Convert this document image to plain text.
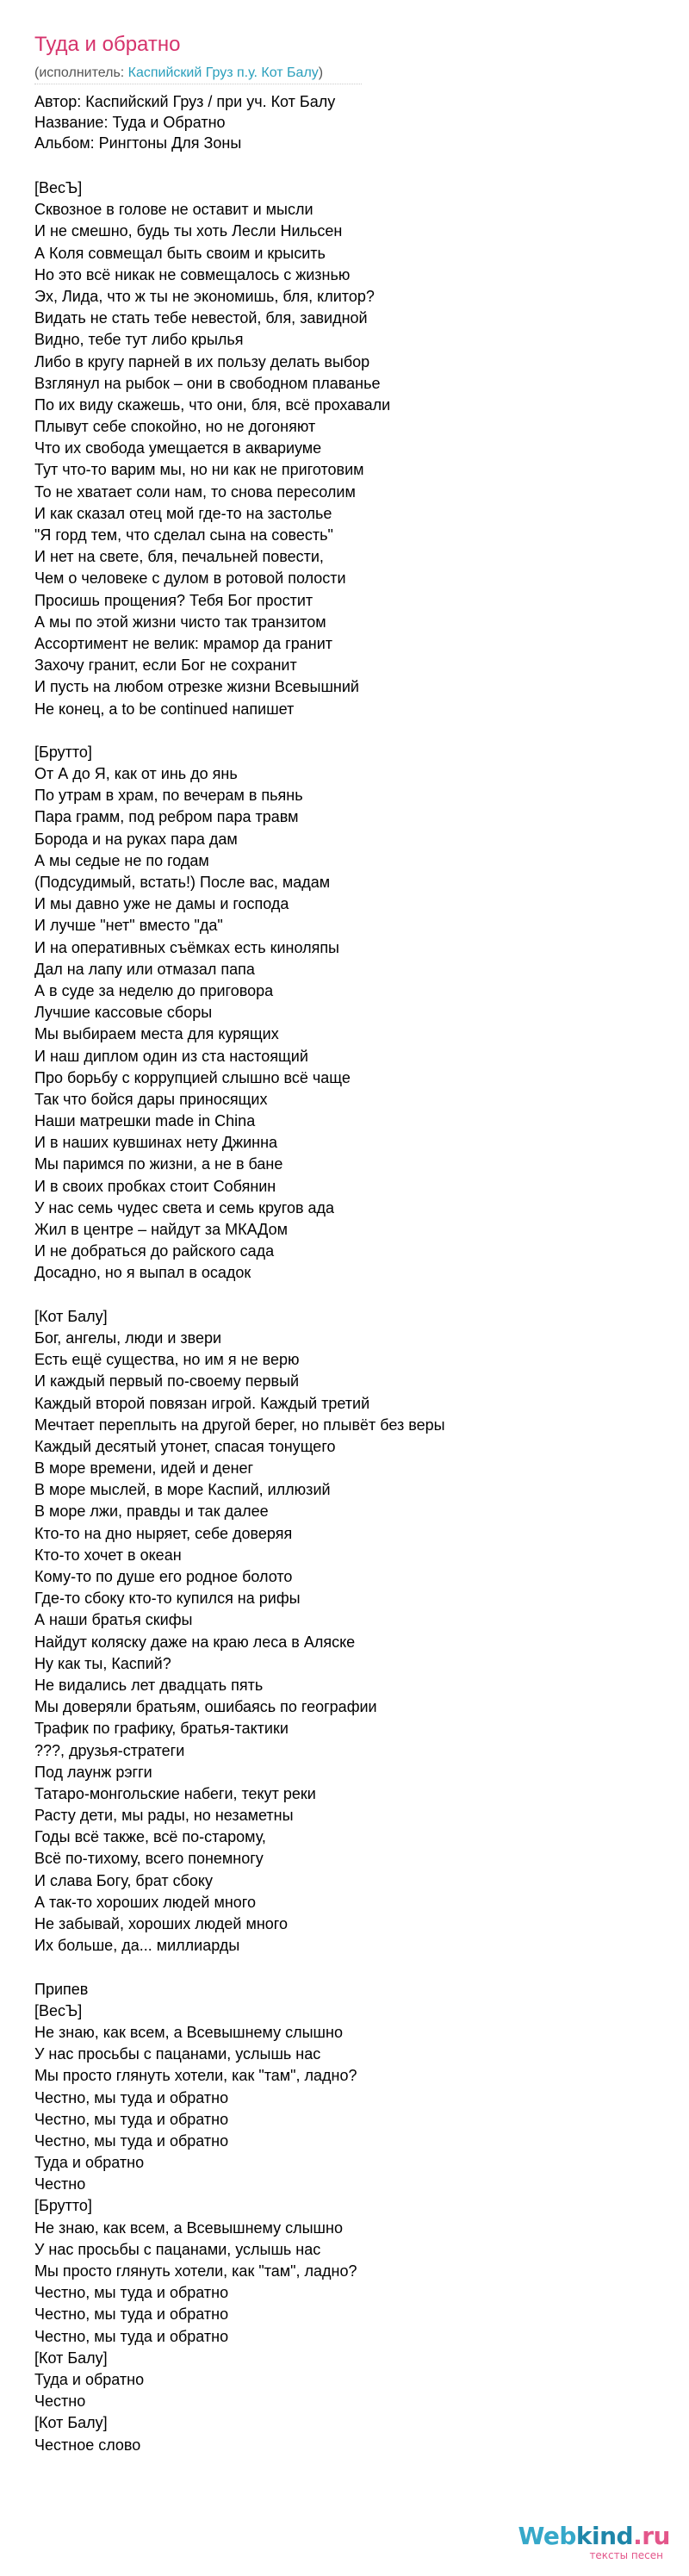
Туда и обратно
(исполнитель: Каспийский Груз п.у. Кот Балу)
Автор: Каспийский Груз / при уч. Кот Балу
Название: Туда и Обратно
Альбом: Рингтоны Для Зоны
[ВесЪ]
Сквозное в голове не оставит и мысли
И не смешно, будь ты хоть Лесли Нильсен
А Коля совмещал быть своим и крысить
Но это всё никак не совмещалось с жизнью
Эх, Лида, что ж ты не экономишь, бля, клитор?
Видать не стать тебе невестой, бля, завидной
Видно, тебе тут либо крылья
Либо в кругу парней в их пользу делать выбор
Взглянул на рыбок – они в свободном плаванье
По их виду скажешь, что они, бля, всё прохавали
Плывут себе спокойно, но не догоняют
Что их свобода умещается в аквариуме
Тут что-то варим мы, но ни как не приготовим
То не хватает соли нам, то снова пересолим
И как сказал отец мой где-то на застолье
"Я горд тем, что сделал сына на совесть"
И нет на свете, бля, печальней повести,
Чем о человеке с дулом в ротовой полости
Просишь прощения? Тебя Бог простит
А мы по этой жизни чисто так транзитом
Ассортимент не велик: мрамор да гранит
Захочу гранит, если Бог не сохранит
И пусть на любом отрезке жизни Всевышний
Не конец, а to be continued напишет
[Брутто]
От А до Я, как от инь до янь
По утрам в храм, по вечерам в пьянь
Пара грамм, под ребром пара травм
Борода и на руках пара дам
А мы седые не по годам
(Подсудимый, встать!) После вас, мадам
И мы давно уже не дамы и господа
И лучше "нет" вместо "да"
И на оперативных съёмках есть киноляпы
Дал на лапу или отмазал папа
А в суде за неделю до приговора
Лучшие кассовые сборы
Мы выбираем места для курящих
И наш диплом один из ста настоящий
Про борьбу с коррупцией слышно всё чаще
Так что бойся дары приносящих
Наши матрешки made in China
И в наших кувшинах нету Джинна
Мы паримся по жизни, а не в бане
И в своих пробках стоит Собянин
У нас семь чудес света и семь кругов ада
Жил в центре – найдут за МКАДом
И не добраться до райского сада
Досадно, но я выпал в осадок
[Кот Балу]
Бог, ангелы, люди и звери
Есть ещё существа, но им я не верю
И каждый первый по-своему первый
Каждый второй повязан игрой. Каждый третий
Мечтает переплыть на другой берег, но плывёт без веры
Каждый десятый утонет, спасая тонущего
В море времени, идей и денег
В море мыслей, в море Каспий, иллюзий
В море лжи, правды и так далее
Кто-то на дно ныряет, себе доверяя
Кто-то хочет в океан
Кому-то по душе его родное болото
Где-то сбоку кто-то купился на рифы
А наши братья скифы
Найдут коляску даже на краю леса в Аляске
Ну как ты, Каспий?
Не видались лет двадцать пять
Мы доверяли братьям, ошибаясь по географии
Трафик по графику, братья-тактики
???, друзья-стратеги
Под лаунж рэгги
Татаро-монгольские набеги, текут реки
Расту дети, мы рады, но незаметны
Годы всё также, всё по-старому,
Всё по-тихому, всего понемногу
И слава Богу, брат сбоку
А так-то хороших людей много
Не забывай, хороших людей много
Их больше, да... миллиарды
Припев
[ВесЪ]
Не знаю, как всем, а Всевышнему слышно
У нас просьбы с пацанами, услышь нас
Мы просто глянуть хотели, как "там", ладно?
Честно, мы туда и обратно
Честно, мы туда и обратно
Честно, мы туда и обратно
Туда и обратно
Честно
[Брутто]
Не знаю, как всем, а Всевышнему слышно
У нас просьбы с пацанами, услышь нас
Мы просто глянуть хотели, как "там", ладно?
Честно, мы туда и обратно
Честно, мы туда и обратно
Честно, мы туда и обратно
[Кот Балу]
Туда и обратно
Честно
[Кот Балу]
Честное слово
Webkind.ru
тексты песен
